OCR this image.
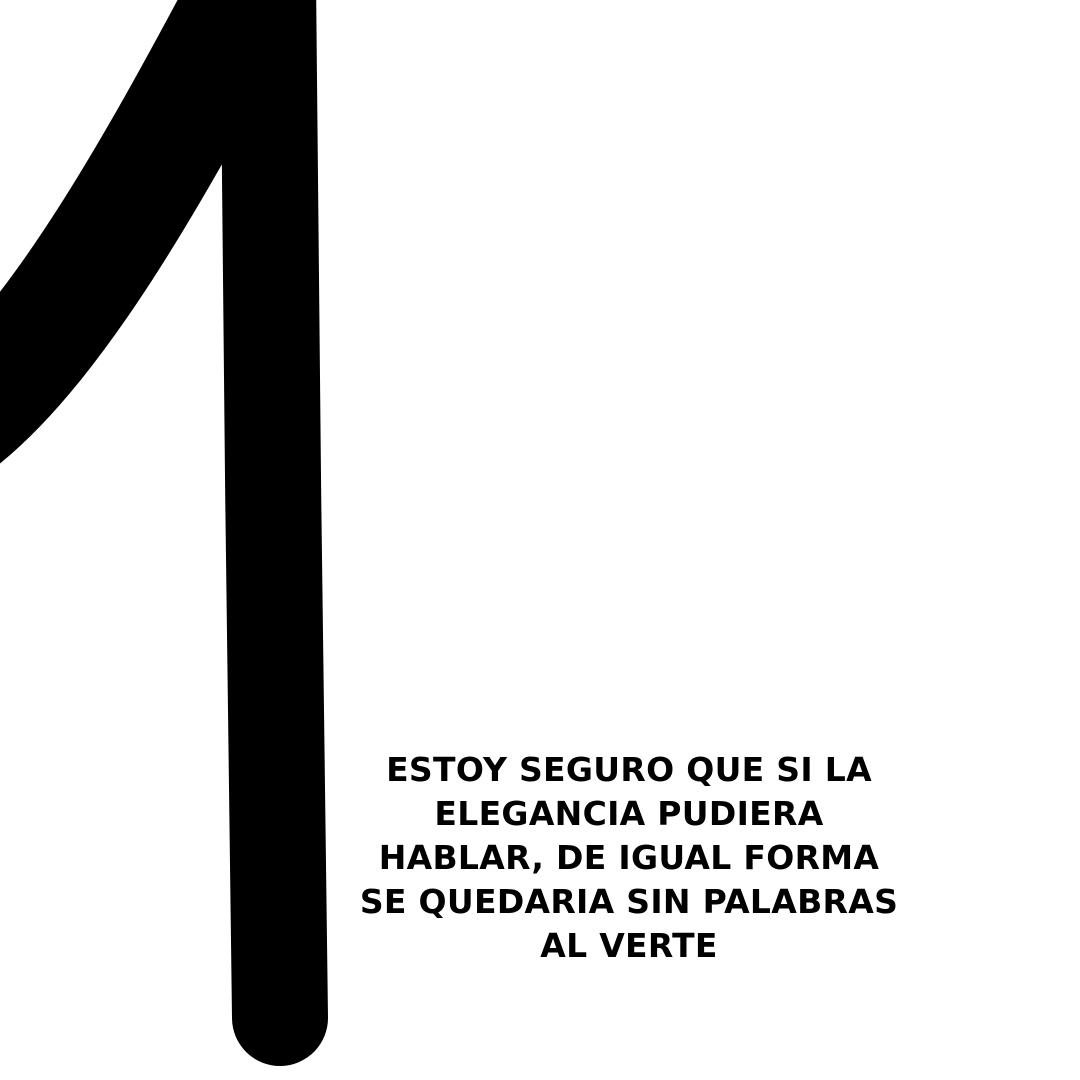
ESTOY SEGURO QUE SI LA
ELEGANCIA PUDIERA
HABLAR, DE IGUAL FORMA
SE QUEDARIA SIN PALABRAS
AL VERTE
